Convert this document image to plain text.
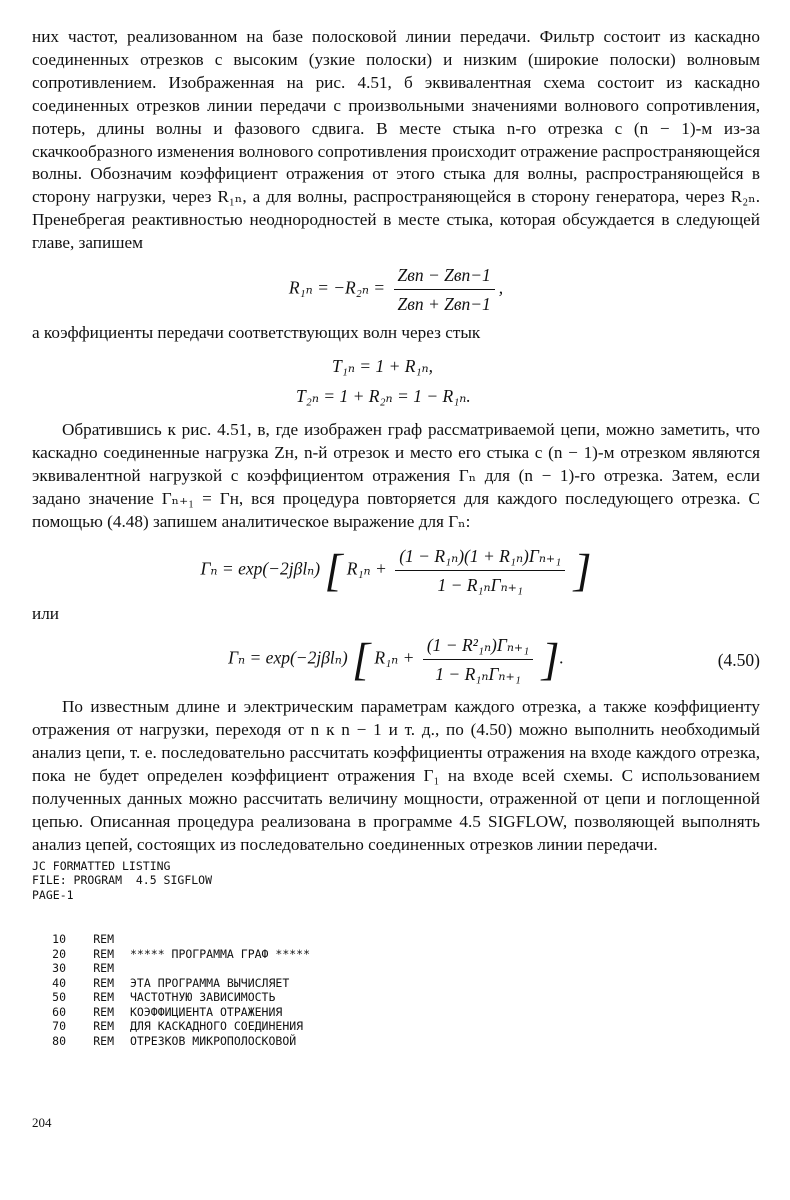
них частот, реализованном на базе полосковой линии передачи. Фильтр состоит из каскадно соединенных отрезков с высоким (узкие полоски) и низким (широкие полоски) волновым сопротивлением. Изображенная на рис. 4.51, б эквивалентная схема состоит из каскадно соединенных отрезков линии передачи с произвольными значениями волнового сопротивления, потерь, длины волны и фазового сдвига. В месте стыка n-го отрезка с (n − 1)-м из-за скачкообразного изменения волнового сопротивления происходит отражение распространяющейся волны. Обозначим коэффициент отражения от этого стыка для волны, распространяющейся в сторону нагрузки, через R₁ₙ, а для волны, распространяющейся в сторону генератора, через R₂ₙ. Пренебрегая реактивностью неоднородностей в месте стыка, которая обсуждается в следующей главе, запишем

$R_{1n} = -R_{2n} = \frac{\text{Zвn − Zвn−1}}{\text{Zвn + Zвn−1}}$ ,

а коэффициенты передачи соответствующих волн через стык

T₁ₙ = 1 + R₁ₙ,
T₂ₙ = 1 + R₂ₙ = 1 − R₁ₙ.

Обратившись к рис. 4.51, в, где изображен граф рассматриваемой цепи, можно заметить, что каскадно соединенные нагрузка Zн, n-й отрезок и место его стыка с (n − 1)-м отрезком являются эквивалентной нагрузкой с коэффициентом отражения Γₙ для (n − 1)-го отрезка. Затем, если задано значение Γₙ₊₁ = Γн, вся процедура повторяется для каждого последующего отрезка. С помощью (4.48) запишем аналитическое выражение для Γₙ:

Γₙ = exp(−2jβlₙ) [ $R_{1n} + \frac{\text{(1 − R₁ₙ)(1 + R₁ₙ)Γₙ₊₁}}{\text{1 − R₁ₙΓₙ₊₁}}$ ]

или

Γₙ = exp(−2jβlₙ) [ $R_{1n} + \frac{\text{(1 − R²₁ₙ)Γₙ₊₁}}{\text{1 − R₁ₙΓₙ₊₁}}$ ].	(4.50)

По известным длине и электрическим параметрам каждого отрезка, а также коэффициенту отражения от нагрузки, переходя от n к n − 1 и т. д., по (4.50) можно выполнить необходимый анализ цепи, т. е. последовательно рассчитать коэффициенты отражения на входе каждого отрезка, пока не будет определен коэффициент отражения Γ₁ на входе всей схемы. С использованием полученных данных можно рассчитать величину мощности, отраженной от цепи и поглощенной цепью. Описанная процедура реализована в программе 4.5 SIGFLOW, позволяющей выполнять анализ цепей, состоящих из последовательно соединенных отрезков линии передачи.

JC FORMATTED LISTING
FILE: PROGRAM  4.5 SIGFLOW
PAGE-1
10	REM
20	REM	***** ПРОГРАММА ГРАФ *****
30	REM
40	REM	ЭТА ПРОГРАММА ВЫЧИСЛЯЕТ
50	REM	ЧАСТОТНУЮ ЗАВИСИМОСТЬ
60	REM	КОЭФФИЦИЕНТА ОТРАЖЕНИЯ
70	REM	ДЛЯ КАСКАДНОГО СОЕДИНЕНИЯ
80	REM	ОТРЕЗКОВ МИКРОПОЛОСКОВОЙ
204
